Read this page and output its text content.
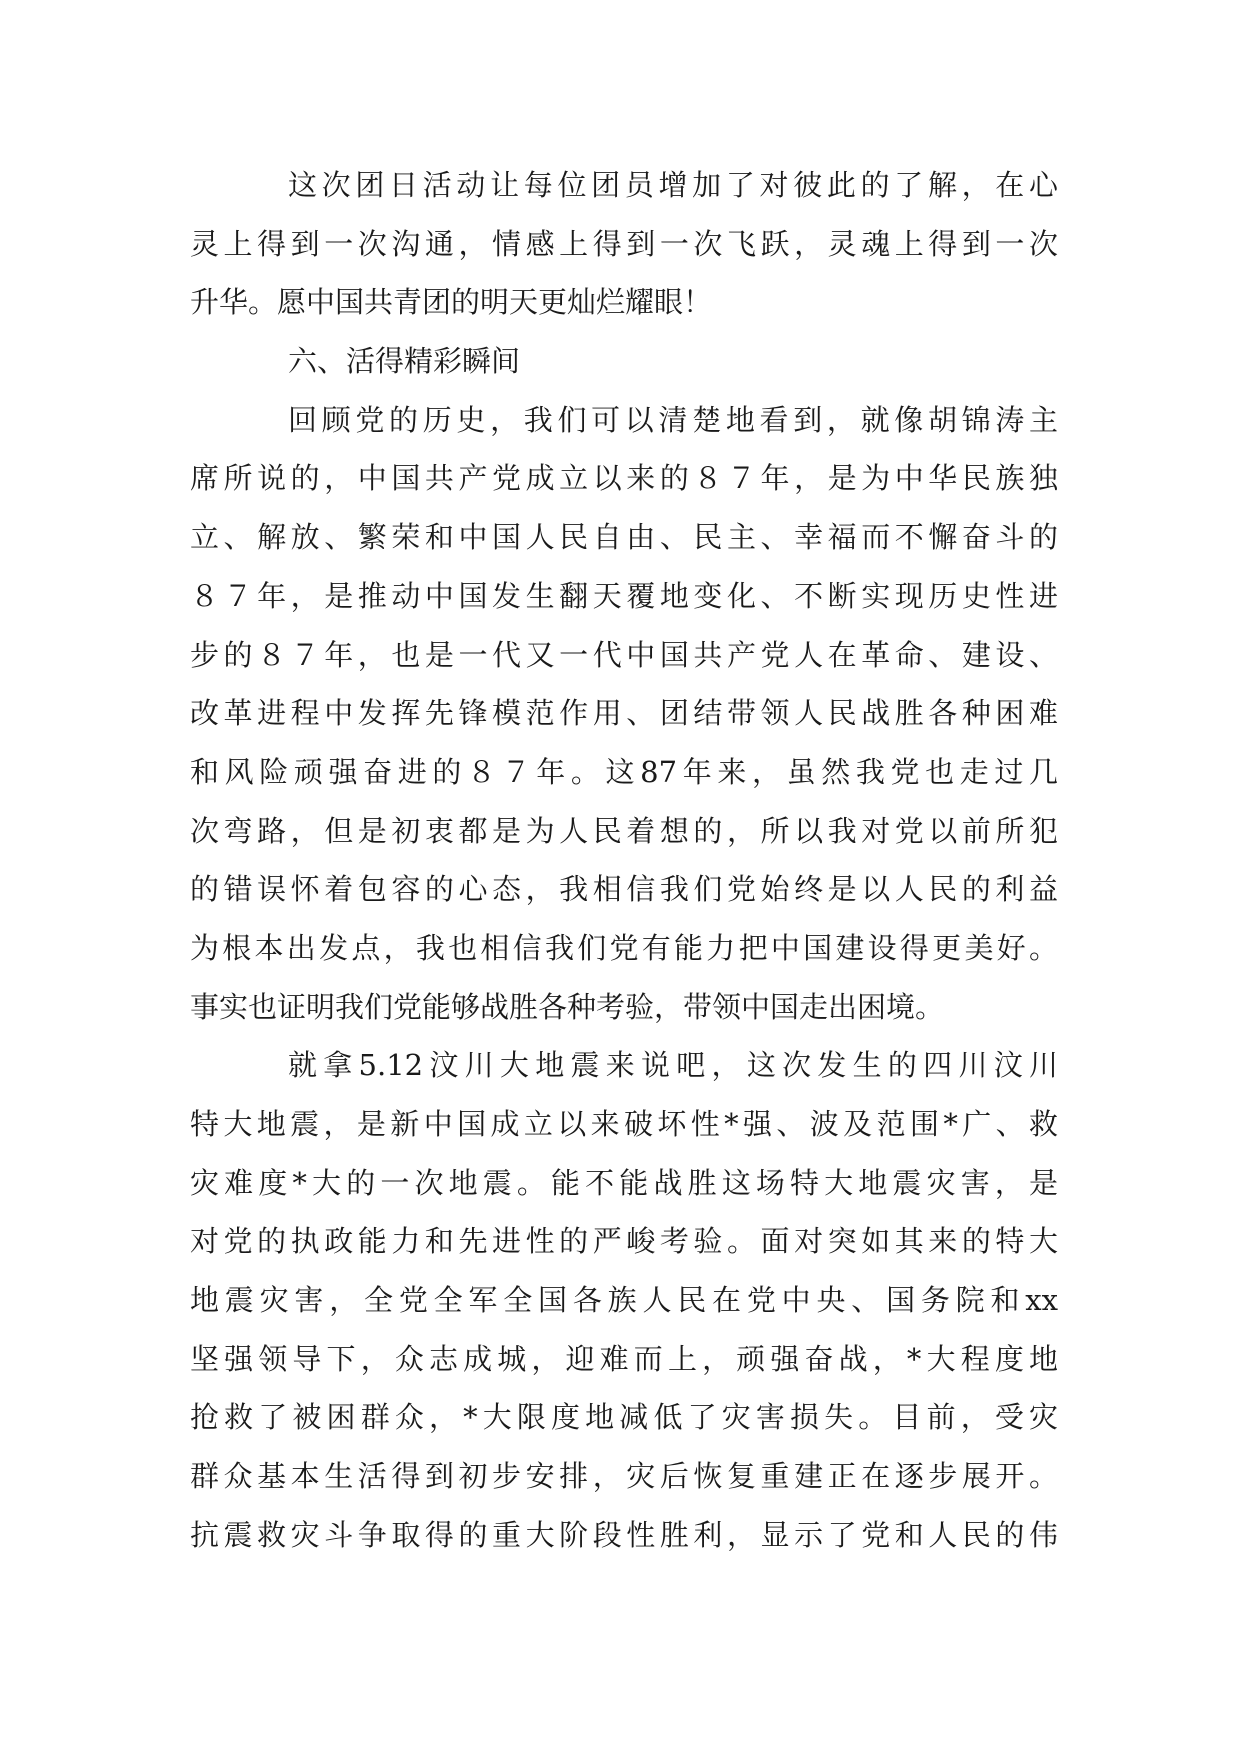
这次团日活动让每位团员增加了对彼此的了解，在心
灵上得到一次沟通，情感上得到一次飞跃，灵魂上得到一次
升华。愿中国共青团的明天更灿烂耀眼！
六、活得精彩瞬间
回顾党的历史，我们可以清楚地看到，就像胡锦涛主
席所说的，中国共产党成立以来的８７年，是为中华民族独
立、解放、繁荣和中国人民自由、民主、幸福而不懈奋斗的
８７年，是推动中国发生翻天覆地变化、不断实现历史性进
步的８７年，也是一代又一代中国共产党人在革命、建设、
改革进程中发挥先锋模范作用、团结带领人民战胜各种困难
和风险顽强奋进的８７年。这87年来，虽然我党也走过几
次弯路，但是初衷都是为人民着想的，所以我对党以前所犯
的错误怀着包容的心态，我相信我们党始终是以人民的利益
为根本出发点，我也相信我们党有能力把中国建设得更美好。
事实也证明我们党能够战胜各种考验，带领中国走出困境。
就拿5.12汶川大地震来说吧，这次发生的四川汶川
特大地震，是新中国成立以来破坏性*强、波及范围*广、救
灾难度*大的一次地震。能不能战胜这场特大地震灾害，是
对党的执政能力和先进性的严峻考验。面对突如其来的特大
地震灾害，全党全军全国各族人民在党中央、国务院和xx
坚强领导下，众志成城，迎难而上，顽强奋战，*大程度地
抢救了被困群众，*大限度地减低了灾害损失。目前，受灾
群众基本生活得到初步安排，灾后恢复重建正在逐步展开。
抗震救灾斗争取得的重大阶段性胜利，显示了党和人民的伟
